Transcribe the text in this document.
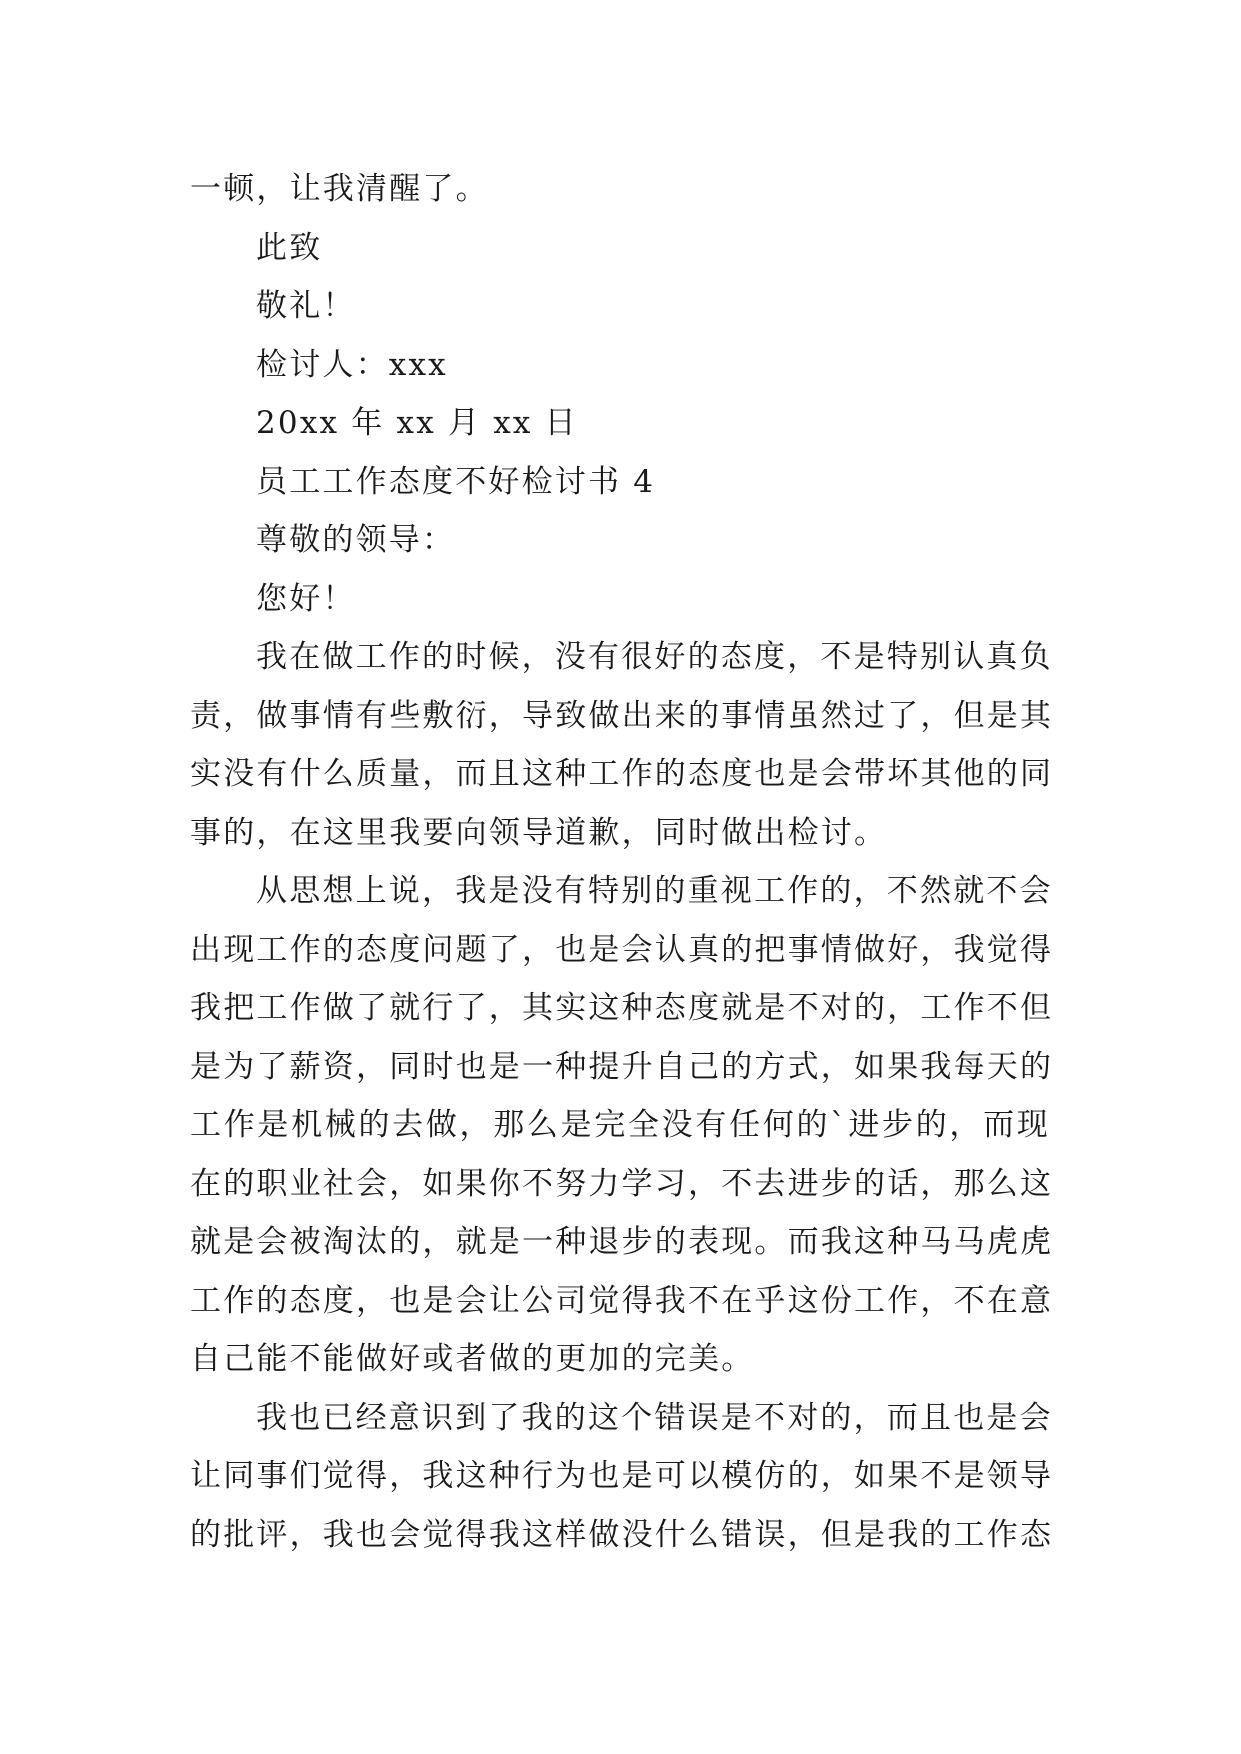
一顿，让我清醒了。
此致
敬礼！
检讨人：xxx
20xx 年 xx 月 xx 日
员工工作态度不好检讨书 4
尊敬的领导：
您好！
我在做工作的时候，没有很好的态度，不是特别认真负
责，做事情有些敷衍，导致做出来的事情虽然过了，但是其
实没有什么质量，而且这种工作的态度也是会带坏其他的同
事的，在这里我要向领导道歉，同时做出检讨。
从思想上说，我是没有特别的重视工作的，不然就不会
出现工作的态度问题了，也是会认真的把事情做好，我觉得
我把工作做了就行了，其实这种态度就是不对的，工作不但
是为了薪资，同时也是一种提升自己的方式，如果我每天的
工作是机械的去做，那么是完全没有任何的`进步的，而现
在的职业社会，如果你不努力学习，不去进步的话，那么这
就是会被淘汰的，就是一种退步的表现。而我这种马马虎虎
工作的态度，也是会让公司觉得我不在乎这份工作，不在意
自己能不能做好或者做的更加的完美。
我也已经意识到了我的这个错误是不对的，而且也是会
让同事们觉得，我这种行为也是可以模仿的，如果不是领导
的批评，我也会觉得我这样做没什么错误，但是我的工作态
